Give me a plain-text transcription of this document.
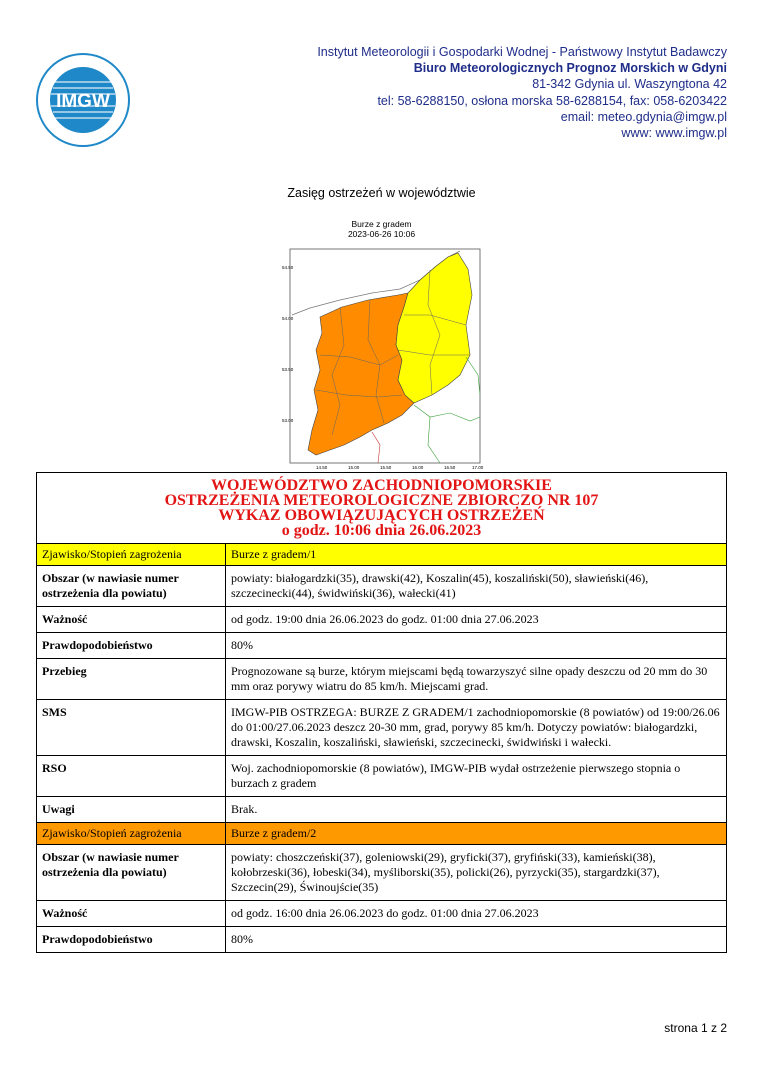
IMGW
Instytut Meteorologii i Gospodarki Wodnej - Państwowy Instytut Badawczy
Biuro Meteorologicznych Prognoz Morskich w Gdyni
81-342 Gdynia ul. Waszyngtona 42
tel: 58-6288150, osłona morska 58-6288154, fax: 058-6203422
email: meteo.gdynia@imgw.pl
www: www.imgw.pl
Zasięg ostrzeżeń w województwie
Burze z gradem
2023-06-26 10:06
54.50
54.00
53.50
53.00
14.50	15.00	15.50	16.00	16.50	17.00
WOJEWÓDZTWO ZACHODNIOPOMORSKIE
OSTRZEŻENIA METEOROLOGICZNE ZBIORCZO NR 107
WYKAZ OBOWIĄZUJĄCYCH OSTRZEŻEŃ
o godz. 10:06 dnia 26.06.2023	

Zjawisko/Stopień zagrożenia	Burze z gradem/1
Obszar (w nawiasie numer ostrzeżenia dla powiatu)	powiaty: białogardzki(35), drawski(42), Koszalin(45), koszaliński(50), sławieński(46), szczecinecki(44), świdwiński(36), wałecki(41)
Ważność	od godz. 19:00 dnia 26.06.2023 do godz. 01:00 dnia 27.06.2023
Prawdopodobieństwo	80%
Przebieg	Prognozowane są burze, którym miejscami będą towarzyszyć silne opady deszczu od 20 mm do 30 mm oraz porywy wiatru do 85 km/h. Miejscami grad.
SMS	IMGW-PIB OSTRZEGA: BURZE Z GRADEM/1 zachodniopomorskie (8 powiatów) od 19:00/26.06 do 01:00/27.06.2023 deszcz 20-30 mm, grad, porywy 85 km/h. Dotyczy powiatów: białogardzki, drawski, Koszalin, koszaliński, sławieński, szczecinecki, świdwiński i wałecki.
RSO	Woj. zachodniopomorskie (8 powiatów), IMGW-PIB wydał ostrzeżenie pierwszego stopnia o burzach z gradem
Uwagi	Brak.
Zjawisko/Stopień zagrożenia	Burze z gradem/2
Obszar (w nawiasie numer ostrzeżenia dla powiatu)	powiaty: choszczeński(37), goleniowski(29), gryficki(37), gryfiński(33), kamieński(38), kołobrzeski(36), łobeski(34), myśliborski(35), policki(26), pyrzycki(35), stargardzki(37), Szczecin(29), Świnoujście(35)
Ważność	od godz. 16:00 dnia 26.06.2023 do godz. 01:00 dnia 27.06.2023
Prawdopodobieństwo	80%
strona 1 z 2
